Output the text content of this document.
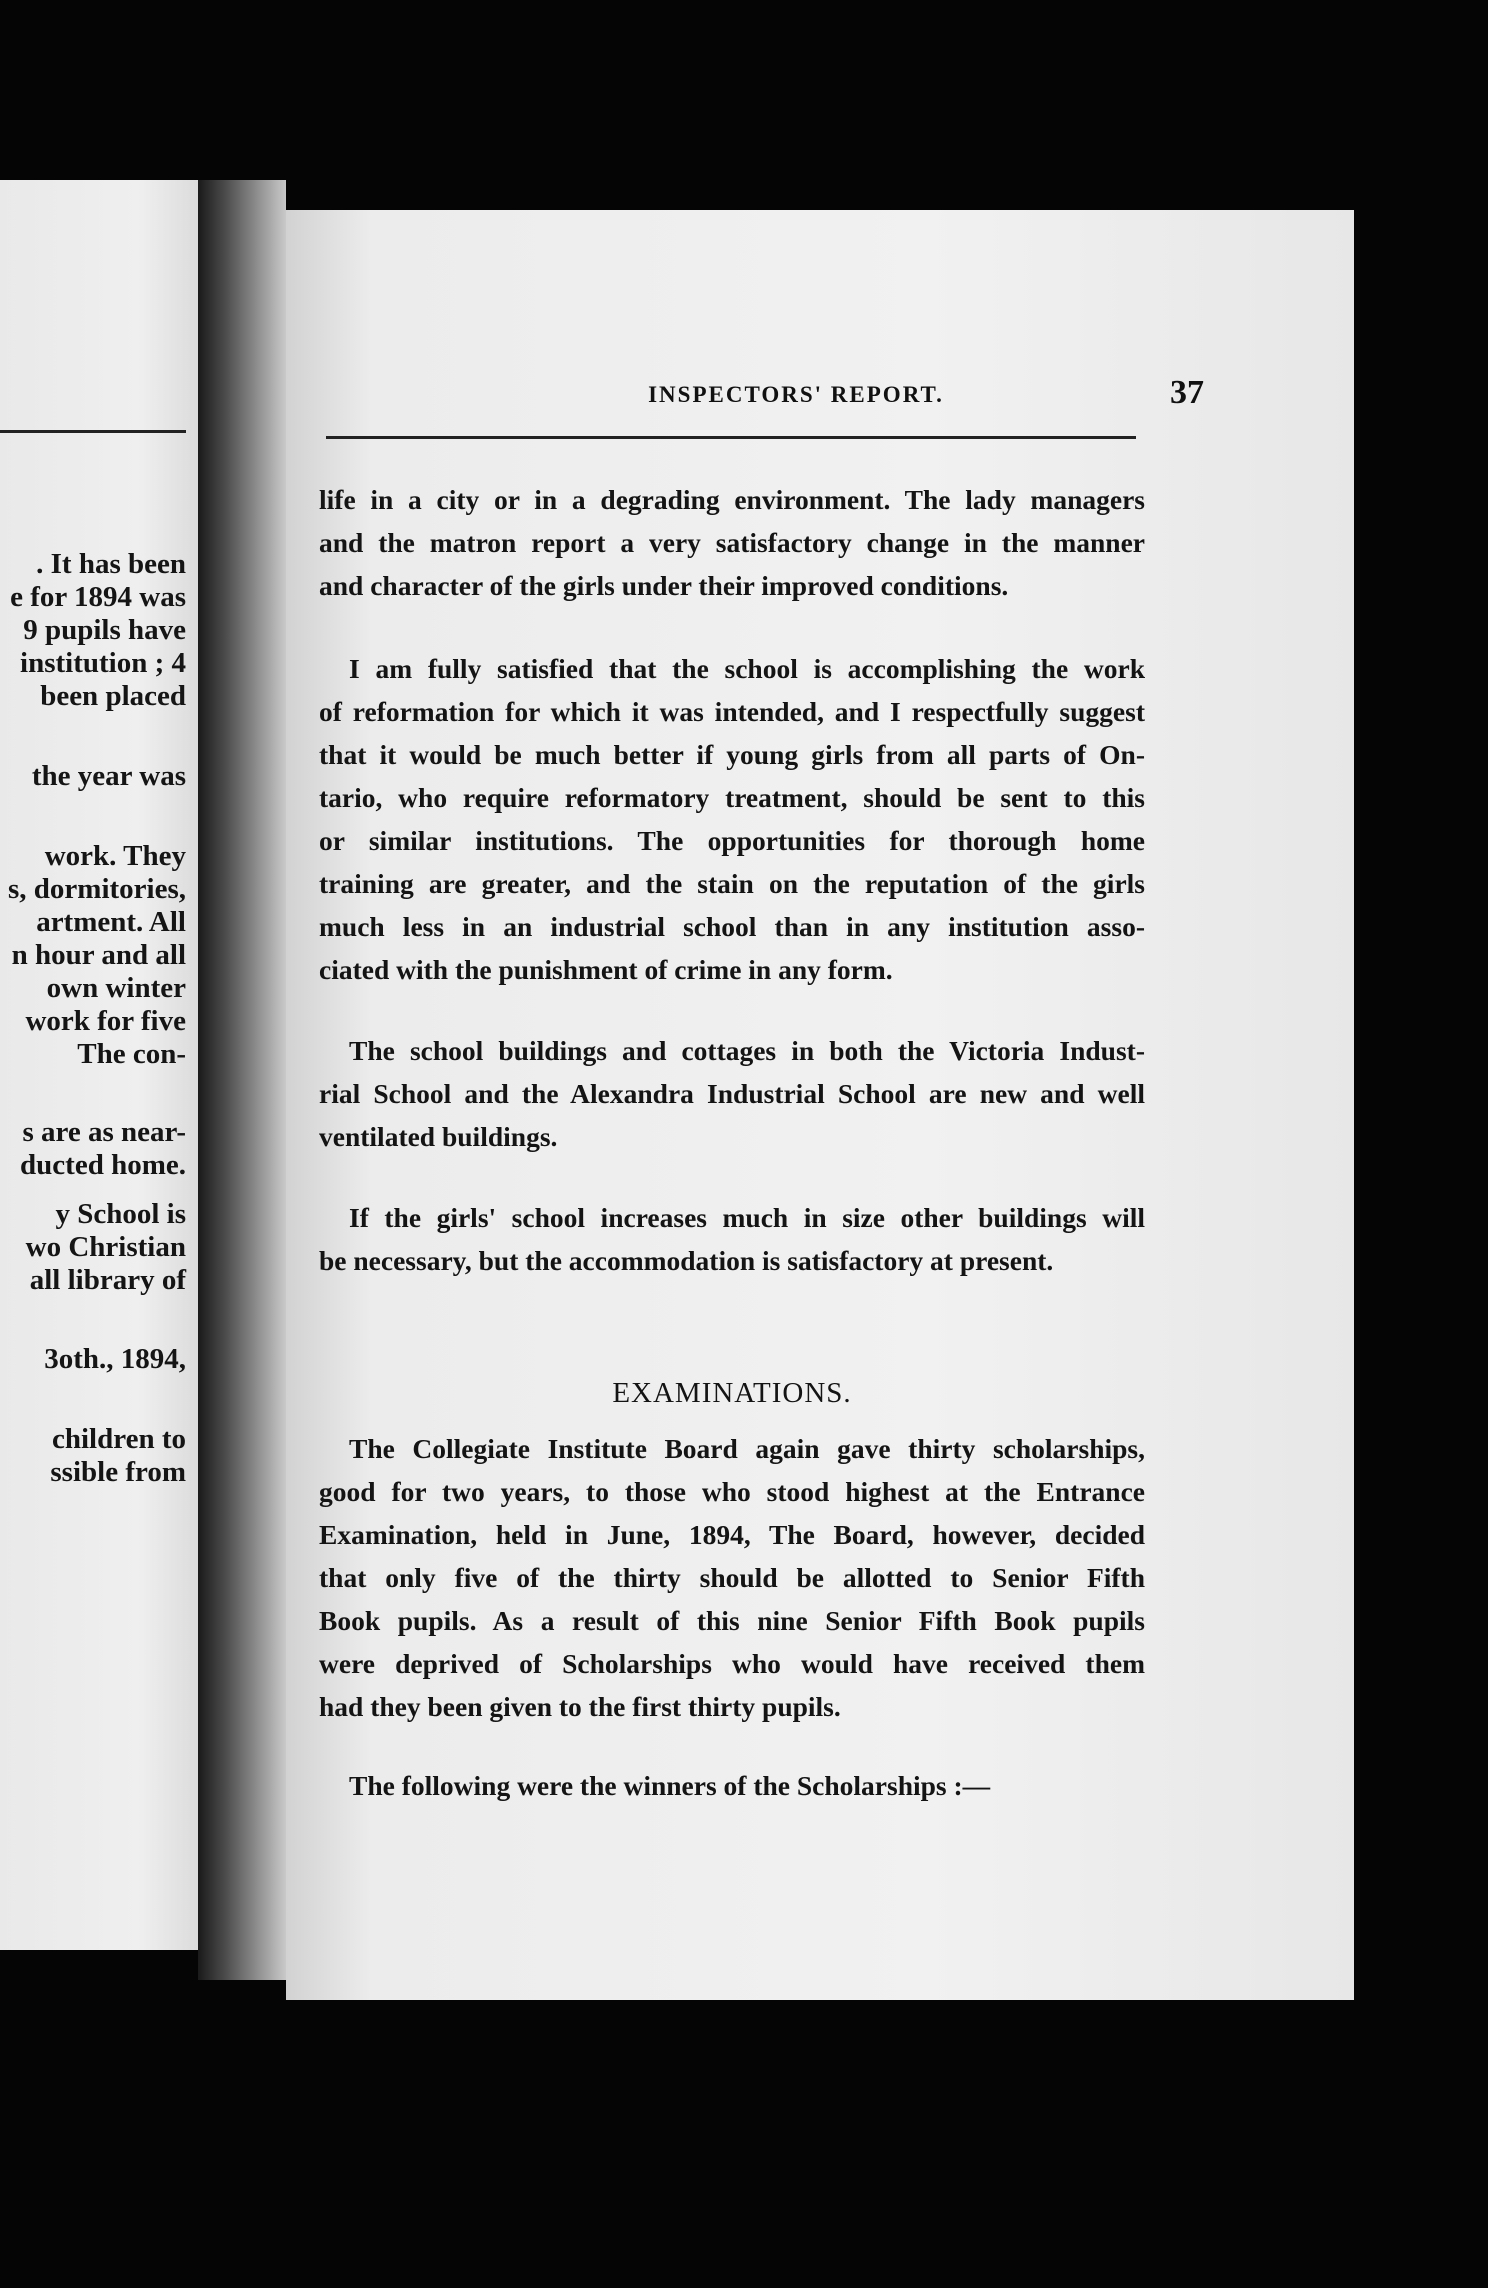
. It has been
e for 1894 was
9 pupils have
institution ; 4
been placed
the year was
work. They
s, dormitories,
artment. All
n hour and all
own winter
work for five
The con-
s are as near-
ducted home.
y School is
wo Christian
all library of
3oth., 1894,
children to
ssible from
INSPECTORS' REPORT.	37

life in a city or in a degrading environment. The lady managers
and the matron report a very satisfactory change in the manner
and character of the girls under their improved conditions.

I am fully satisfied that the school is accomplishing the work
of reformation for which it was intended, and I respectfully suggest
that it would be much better if young girls from all parts of On-
tario, who require reformatory treatment, should be sent to this
or similar institutions. The opportunities for thorough home
training are greater, and the stain on the reputation of the girls
much less in an industrial school than in any institution asso-
ciated with the punishment of crime in any form.

The school buildings and cottages in both the Victoria Indust-
rial School and the Alexandra Industrial School are new and well
ventilated buildings.

If the girls' school increases much in size other buildings will
be necessary, but the accommodation is satisfactory at present.

EXAMINATIONS.

The Collegiate Institute Board again gave thirty scholarships,
good for two years, to those who stood highest at the Entrance
Examination, held in June, 1894, The Board, however, decided
that only five of the thirty should be allotted to Senior Fifth
Book pupils. As a result of this nine Senior Fifth Book pupils
were deprived of Scholarships who would have received them
had they been given to the first thirty pupils.

The following were the winners of the Scholarships :—
